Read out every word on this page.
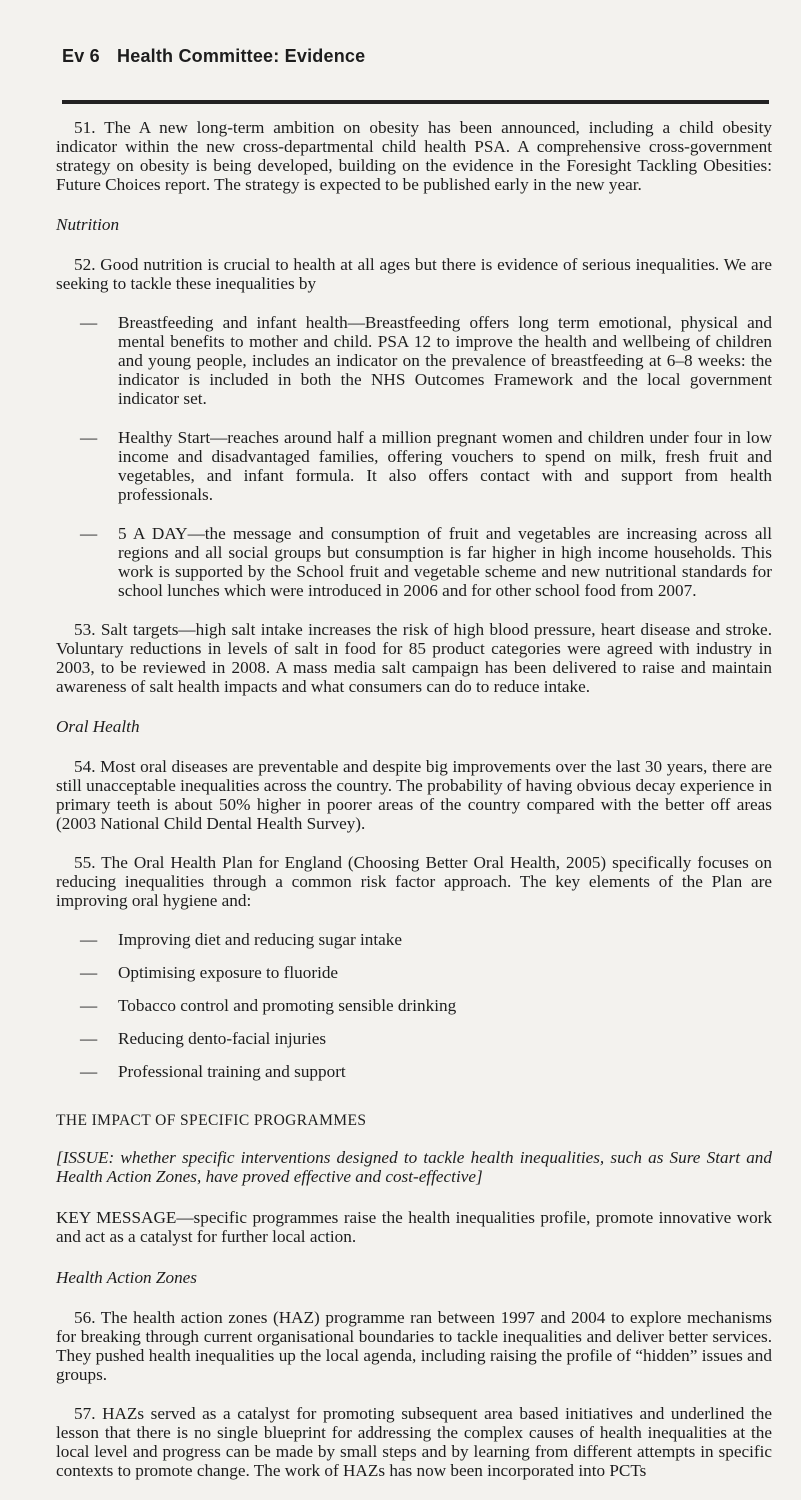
Ev 6 Health Committee: Evidence

51. The A new long-term ambition on obesity has been announced, including a child obesity indicator within the new cross-departmental child health PSA. A comprehensive cross-government strategy on obesity is being developed, building on the evidence in the Foresight Tackling Obesities: Future Choices report. The strategy is expected to be published early in the new year.

Nutrition

52. Good nutrition is crucial to health at all ages but there is evidence of serious inequalities. We are seeking to tackle these inequalities by

— Breastfeeding and infant health—Breastfeeding offers long term emotional, physical and mental benefits to mother and child. PSA 12 to improve the health and wellbeing of children and young people, includes an indicator on the prevalence of breastfeeding at 6–8 weeks: the indicator is included in both the NHS Outcomes Framework and the local government indicator set.
— Healthy Start—reaches around half a million pregnant women and children under four in low income and disadvantaged families, offering vouchers to spend on milk, fresh fruit and vegetables, and infant formula. It also offers contact with and support from health professionals.
— 5 A DAY—the message and consumption of fruit and vegetables are increasing across all regions and all social groups but consumption is far higher in high income households. This work is supported by the School fruit and vegetable scheme and new nutritional standards for school lunches which were introduced in 2006 and for other school food from 2007.

53. Salt targets—high salt intake increases the risk of high blood pressure, heart disease and stroke. Voluntary reductions in levels of salt in food for 85 product categories were agreed with industry in 2003, to be reviewed in 2008. A mass media salt campaign has been delivered to raise and maintain awareness of salt health impacts and what consumers can do to reduce intake.

Oral Health

54. Most oral diseases are preventable and despite big improvements over the last 30 years, there are still unacceptable inequalities across the country. The probability of having obvious decay experience in primary teeth is about 50% higher in poorer areas of the country compared with the better off areas (2003 National Child Dental Health Survey).

55. The Oral Health Plan for England (Choosing Better Oral Health, 2005) specifically focuses on reducing inequalities through a common risk factor approach. The key elements of the Plan are improving oral hygiene and:

— Improving diet and reducing sugar intake
— Optimising exposure to fluoride
— Tobacco control and promoting sensible drinking
— Reducing dento-facial injuries
— Professional training and support

THE IMPACT OF SPECIFIC PROGRAMMES

[ISSUE: whether specific interventions designed to tackle health inequalities, such as Sure Start and Health Action Zones, have proved effective and cost-effective]

KEY MESSAGE—specific programmes raise the health inequalities profile, promote innovative work and act as a catalyst for further local action.

Health Action Zones

56. The health action zones (HAZ) programme ran between 1997 and 2004 to explore mechanisms for breaking through current organisational boundaries to tackle inequalities and deliver better services. They pushed health inequalities up the local agenda, including raising the profile of “hidden” issues and groups.

57. HAZs served as a catalyst for promoting subsequent area based initiatives and underlined the lesson that there is no single blueprint for addressing the complex causes of health inequalities at the local level and progress can be made by small steps and by learning from different attempts in specific contexts to promote change. The work of HAZs has now been incorporated into PCTs
